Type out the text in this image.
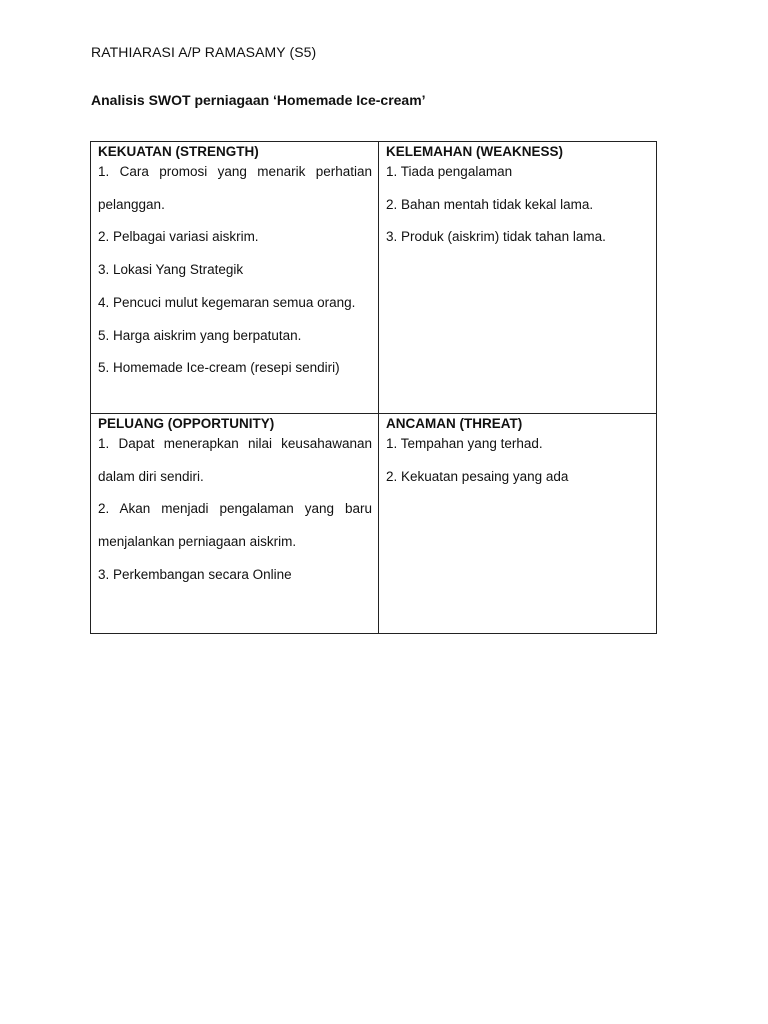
RATHIARASI A/P RAMASAMY (S5)
Analisis SWOT perniagaan ‘Homemade Ice-cream’
KEKUATAN (STRENGTH)

1. Cara promosi yang menarik perhatian pelanggan.

2. Pelbagai variasi aiskrim.

3. Lokasi Yang Strategik

4. Pencuci mulut kegemaran semua orang.

5. Harga aiskrim yang berpatutan.

5. Homemade Ice-cream (resepi sendiri)

KELEMAHAN (WEAKNESS)

1. Tiada pengalaman

2. Bahan mentah tidak kekal lama.

3. Produk (aiskrim) tidak tahan lama.

PELUANG (OPPORTUNITY)

1. Dapat menerapkan nilai keusahawanan dalam diri sendiri.

2. Akan menjadi pengalaman yang baru menjalankan perniagaan aiskrim.

3. Perkembangan secara Online

ANCAMAN (THREAT)

1. Tempahan yang terhad.

2. Kekuatan pesaing yang ada
